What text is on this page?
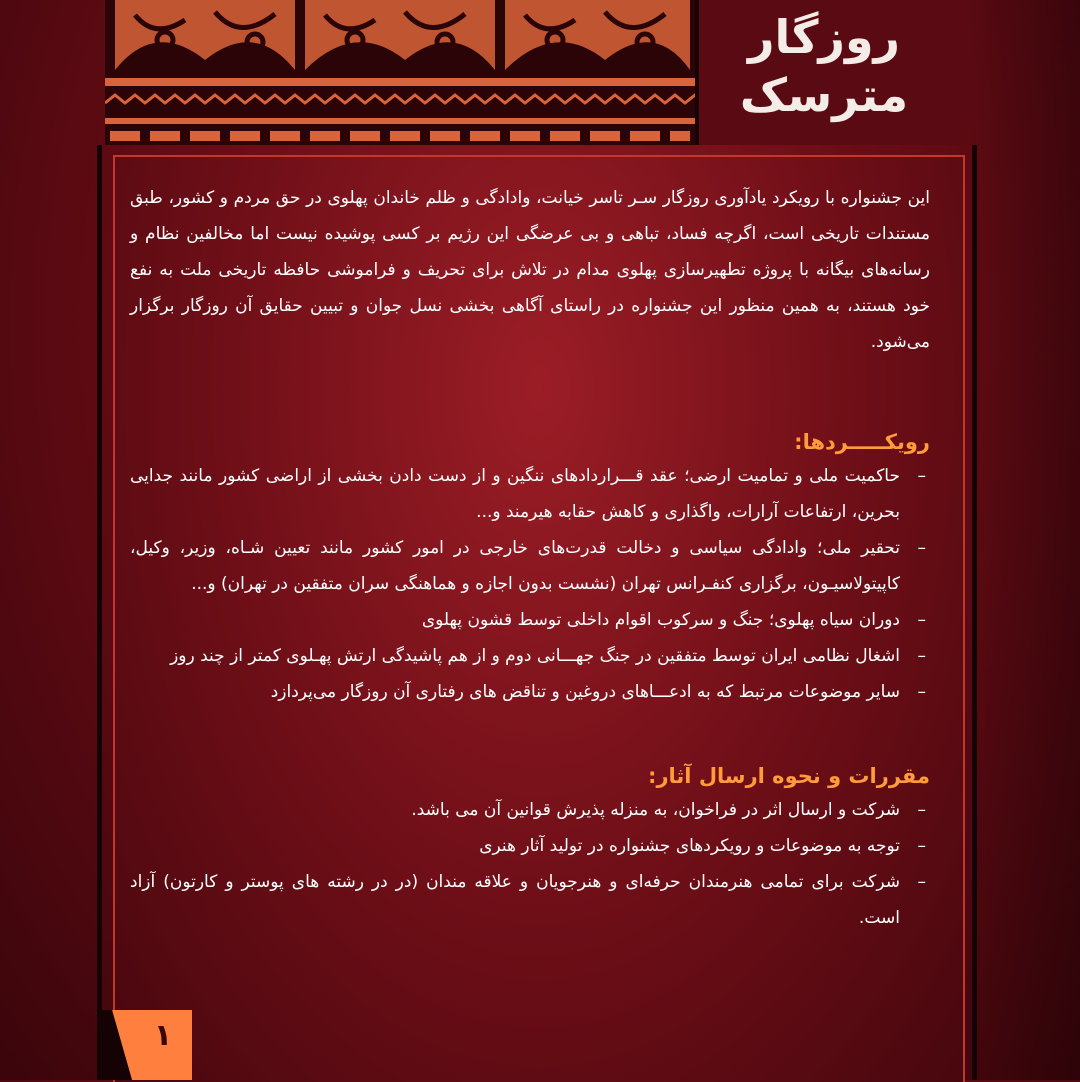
روزگار
مترسک

این جشنواره با رویکرد یادآوری روزگار سـر تاسر خیانت، وادادگی و ظلم خاندان پهلوی در حق مردم و کشور، طبق مستندات تاریخی است، اگرچه فساد، تباهی و بی عرضگی این رژیم بر کسی پوشیده نیست اما مخالفین نظام و رسانه‌های بیگانه با پروژه تطهیرسازی پهلوی مدام در تلاش برای تحریف و فراموشی حافظه تاریخی ملت به نفع خود هستند، به همین منظور این جشنواره در راستای آگاهی بخشی نسل جوان و تبیین حقایق آن روزگار برگزار می‌شود.

رویکـــــردها:
– حاکمیت ملی و تمامیت ارضی؛ عقد قـــراردادهای ننگین و از دست دادن بخشی از اراضی کشور مانند جدایی بحرین، ارتفاعات آرارات، واگذاری و کاهش حقابه هیرمند و...
– تحقیر ملی؛ وادادگی سیاسی و دخالت قدرت‌های خارجی در امور کشور مانند تعیین شـاه، وزیر، وکیل، کاپیتولاسیـون، برگزاری کنفـرانس تهران (نشست بدون اجازه و هماهنگی سران متفقین در تهران) و...
– دوران سیاه پهلوی؛ جنگ و سرکوب اقوام داخلی توسط قشون پهلوی
– اشغال نظامی ایران توسط متفقین در جنگ جهـــانی دوم و از هم پاشیدگی ارتش پهـلوی کمتر از چند روز
– سایر موضوعات مرتبط که به ادعـــاهای دروغین و تناقض های رفتاری آن روزگار می‌پردازد
مقررات و نحوه ارسال آثار:
– شرکت و ارسال اثر در فراخوان، به منزله پذیرش قوانین آن می باشد.
– توجه به موضوعات و رویکردهای جشنواره در تولید آثار هنری
– شرکت برای تمامی هنرمندان حرفه‌ای و هنرجویان و علاقه مندان (در در رشته های پوستر و کارتون) آزاد است.
۱
